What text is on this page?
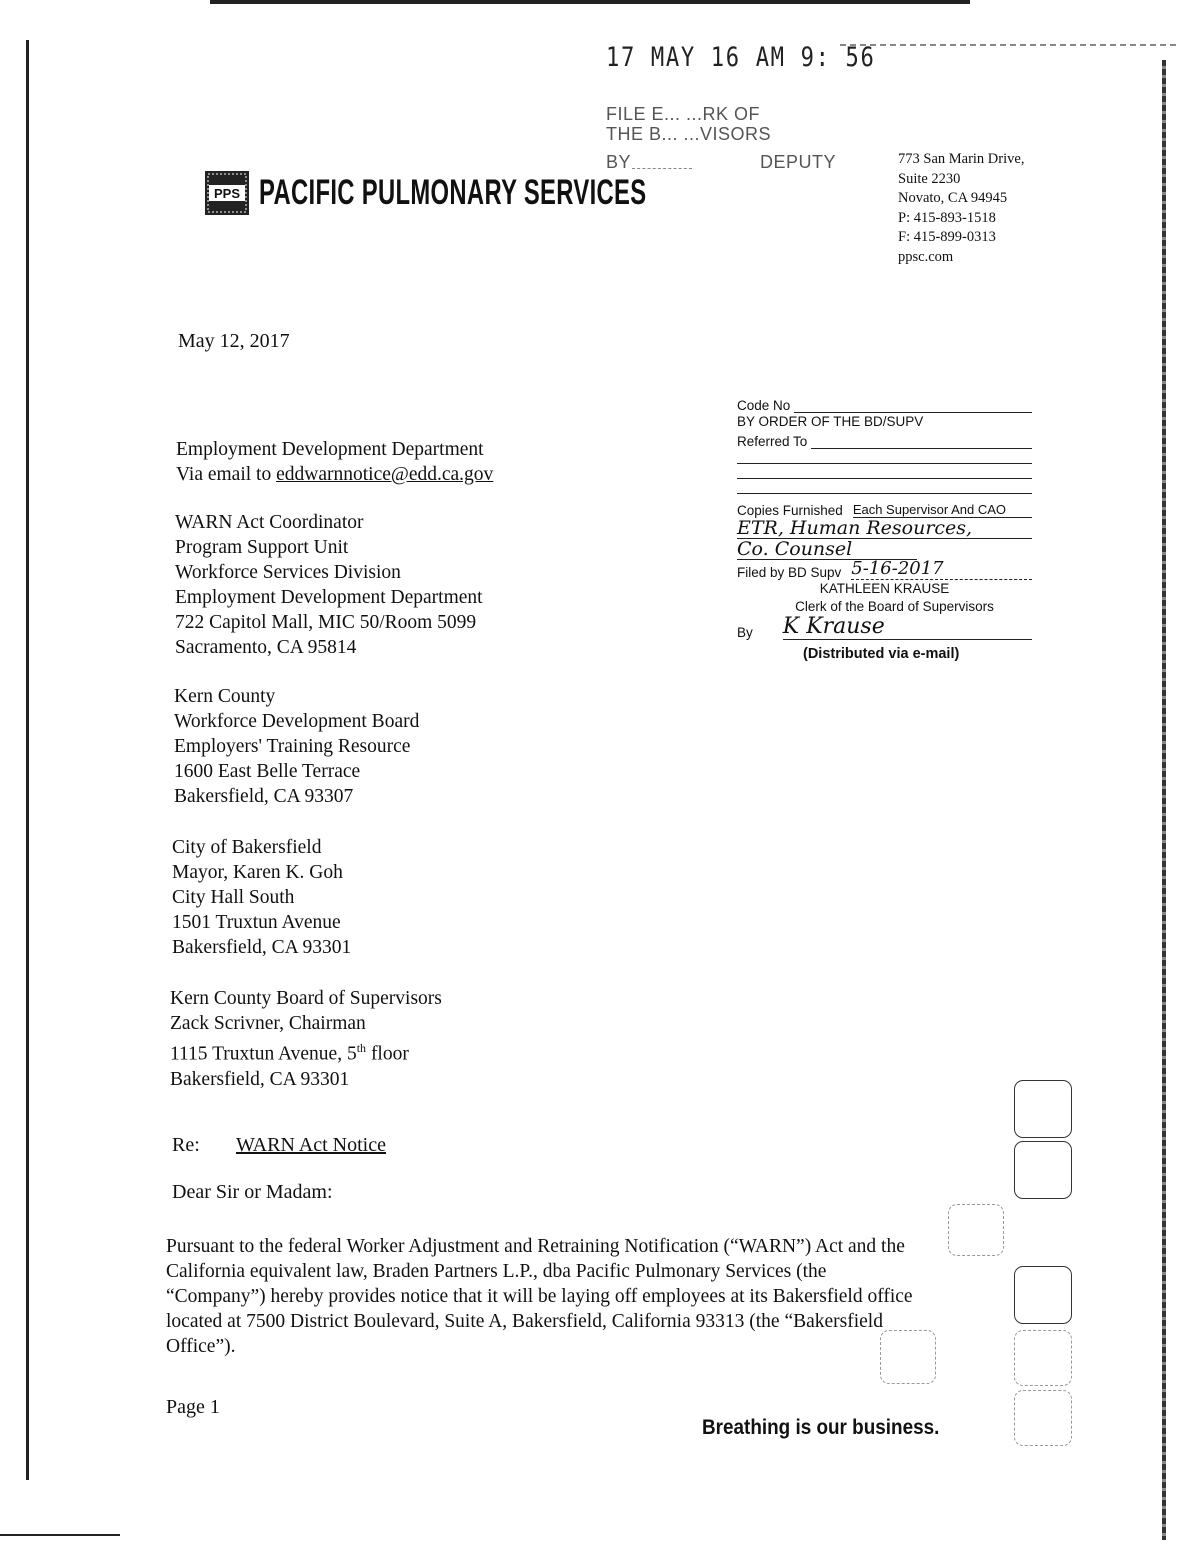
17 MAY 16 AM 9: 56
FILE E... ...RK OF
THE B... ...VISORS
BY	DEPUTY
PPS PACIFIC PULMONARY SERVICES
773 San Marin Drive,
Suite 2230
Novato, CA 94945
P: 415-893-1518
F: 415-899-0313
ppsc.com
May 12, 2017
Employment Development Department
Via email to eddwarnnotice@edd.ca.gov
WARN Act Coordinator
Program Support Unit
Workforce Services Division
Employment Development Department
722 Capitol Mall, MIC 50/Room 5099
Sacramento, CA 95814
Kern County
Workforce Development Board
Employers' Training Resource
1600 East Belle Terrace
Bakersfield, CA 93307
City of Bakersfield
Mayor, Karen K. Goh
City Hall South
1501 Truxtun Avenue
Bakersfield, CA 93301
Kern County Board of Supervisors
Zack Scrivner, Chairman
1115 Truxtun Avenue, 5th floor
Bakersfield, CA 93301
Code No
BY ORDER OF THE BD/SUPV
Referred To
Copies Furnished Each Supervisor And CAO
ETR, Human Resources,
Co. Counsel
Filed by BD Supv 5-16-2017
KATHLEEN KRAUSE
Clerk of the Board of Supervisors
By K Krause
(Distributed via e-mail)
Re: WARN Act Notice
Dear Sir or Madam:
Pursuant to the federal Worker Adjustment and Retraining Notification (“WARN”) Act and the
California equivalent law, Braden Partners L.P., dba Pacific Pulmonary Services (the
“Company”) hereby provides notice that it will be laying off employees at its Bakersfield office
located at 7500 District Boulevard, Suite A, Bakersfield, California 93313 (the “Bakersfield
Office”).
Page 1
Breathing is our business.
